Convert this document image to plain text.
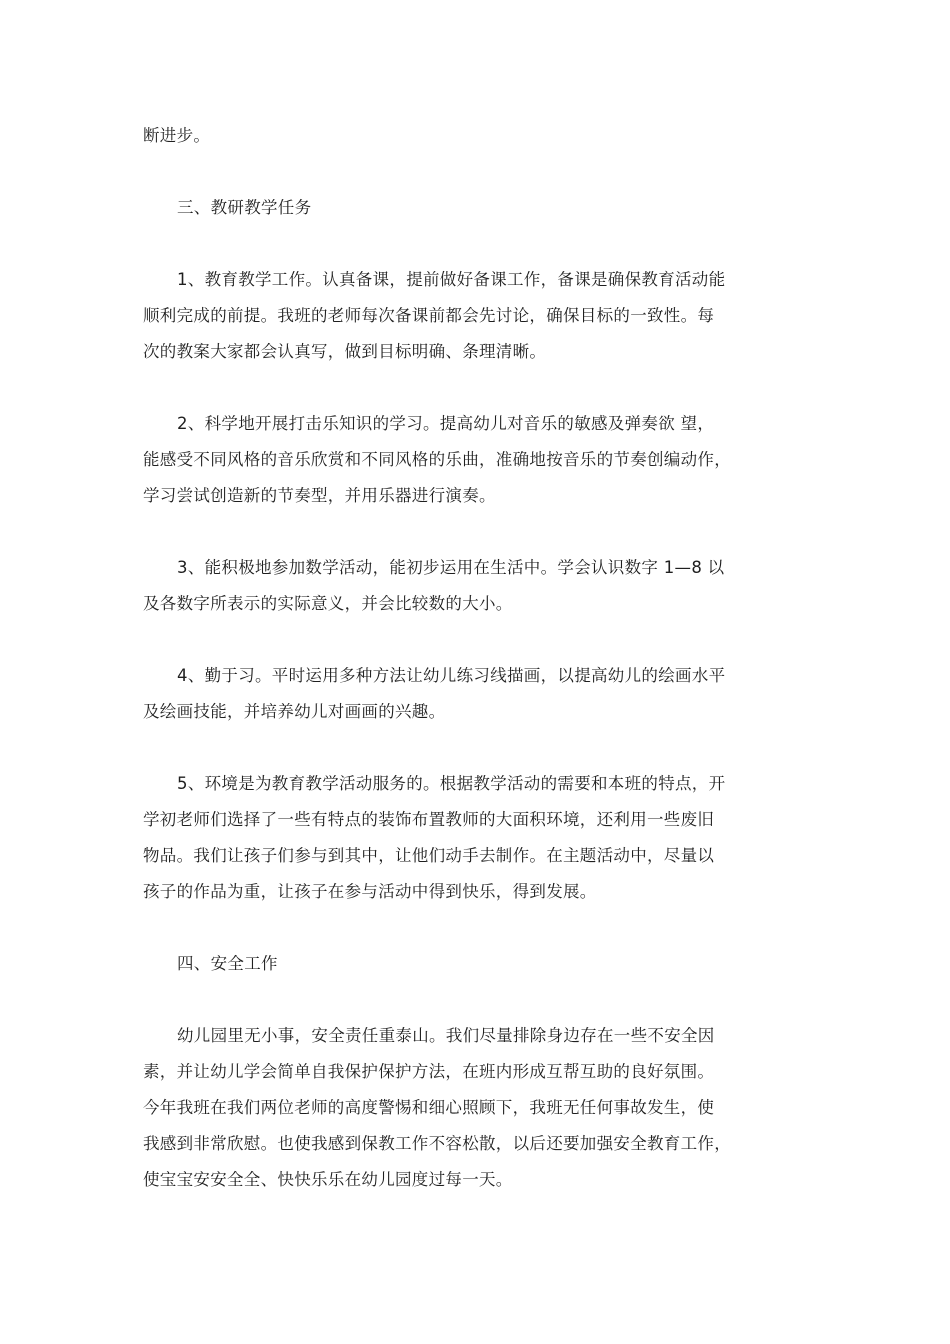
断进步。

三、教研教学任务

1、教育教学工作。认真备课，提前做好备课工作，备课是确保教育活动能
顺利完成的前提。我班的老师每次备课前都会先讨论，确保目标的一致性。每
次的教案大家都会认真写，做到目标明确、条理清晰。

2、科学地开展打击乐知识的学习。提高幼儿对音乐的敏感及弹奏欲 望，
能感受不同风格的音乐欣赏和不同风格的乐曲，准确地按音乐的节奏创编动作，
学习尝试创造新的节奏型，并用乐器进行演奏。

3、能积极地参加数学活动，能初步运用在生活中。学会认识数字 1—8 以
及各数字所表示的实际意义，并会比较数的大小。

4、勤于习。平时运用多种方法让幼儿练习线描画，以提高幼儿的绘画水平
及绘画技能，并培养幼儿对画画的兴趣。

5、环境是为教育教学活动服务的。根据教学活动的需要和本班的特点，开
学初老师们选择了一些有特点的装饰布置教师的大面积环境，还利用一些废旧
物品。我们让孩子们参与到其中，让他们动手去制作。在主题活动中，尽量以
孩子的作品为重，让孩子在参与活动中得到快乐，得到发展。

四、安全工作

幼儿园里无小事，安全责任重泰山。我们尽量排除身边存在一些不安全因
素，并让幼儿学会简单自我保护保护方法，在班内形成互帮互助的良好氛围。
今年我班在我们两位老师的高度警惕和细心照顾下，我班无任何事故发生，使
我感到非常欣慰。也使我感到保教工作不容松散，以后还要加强安全教育工作，
使宝宝安安全全、快快乐乐在幼儿园度过每一天。
